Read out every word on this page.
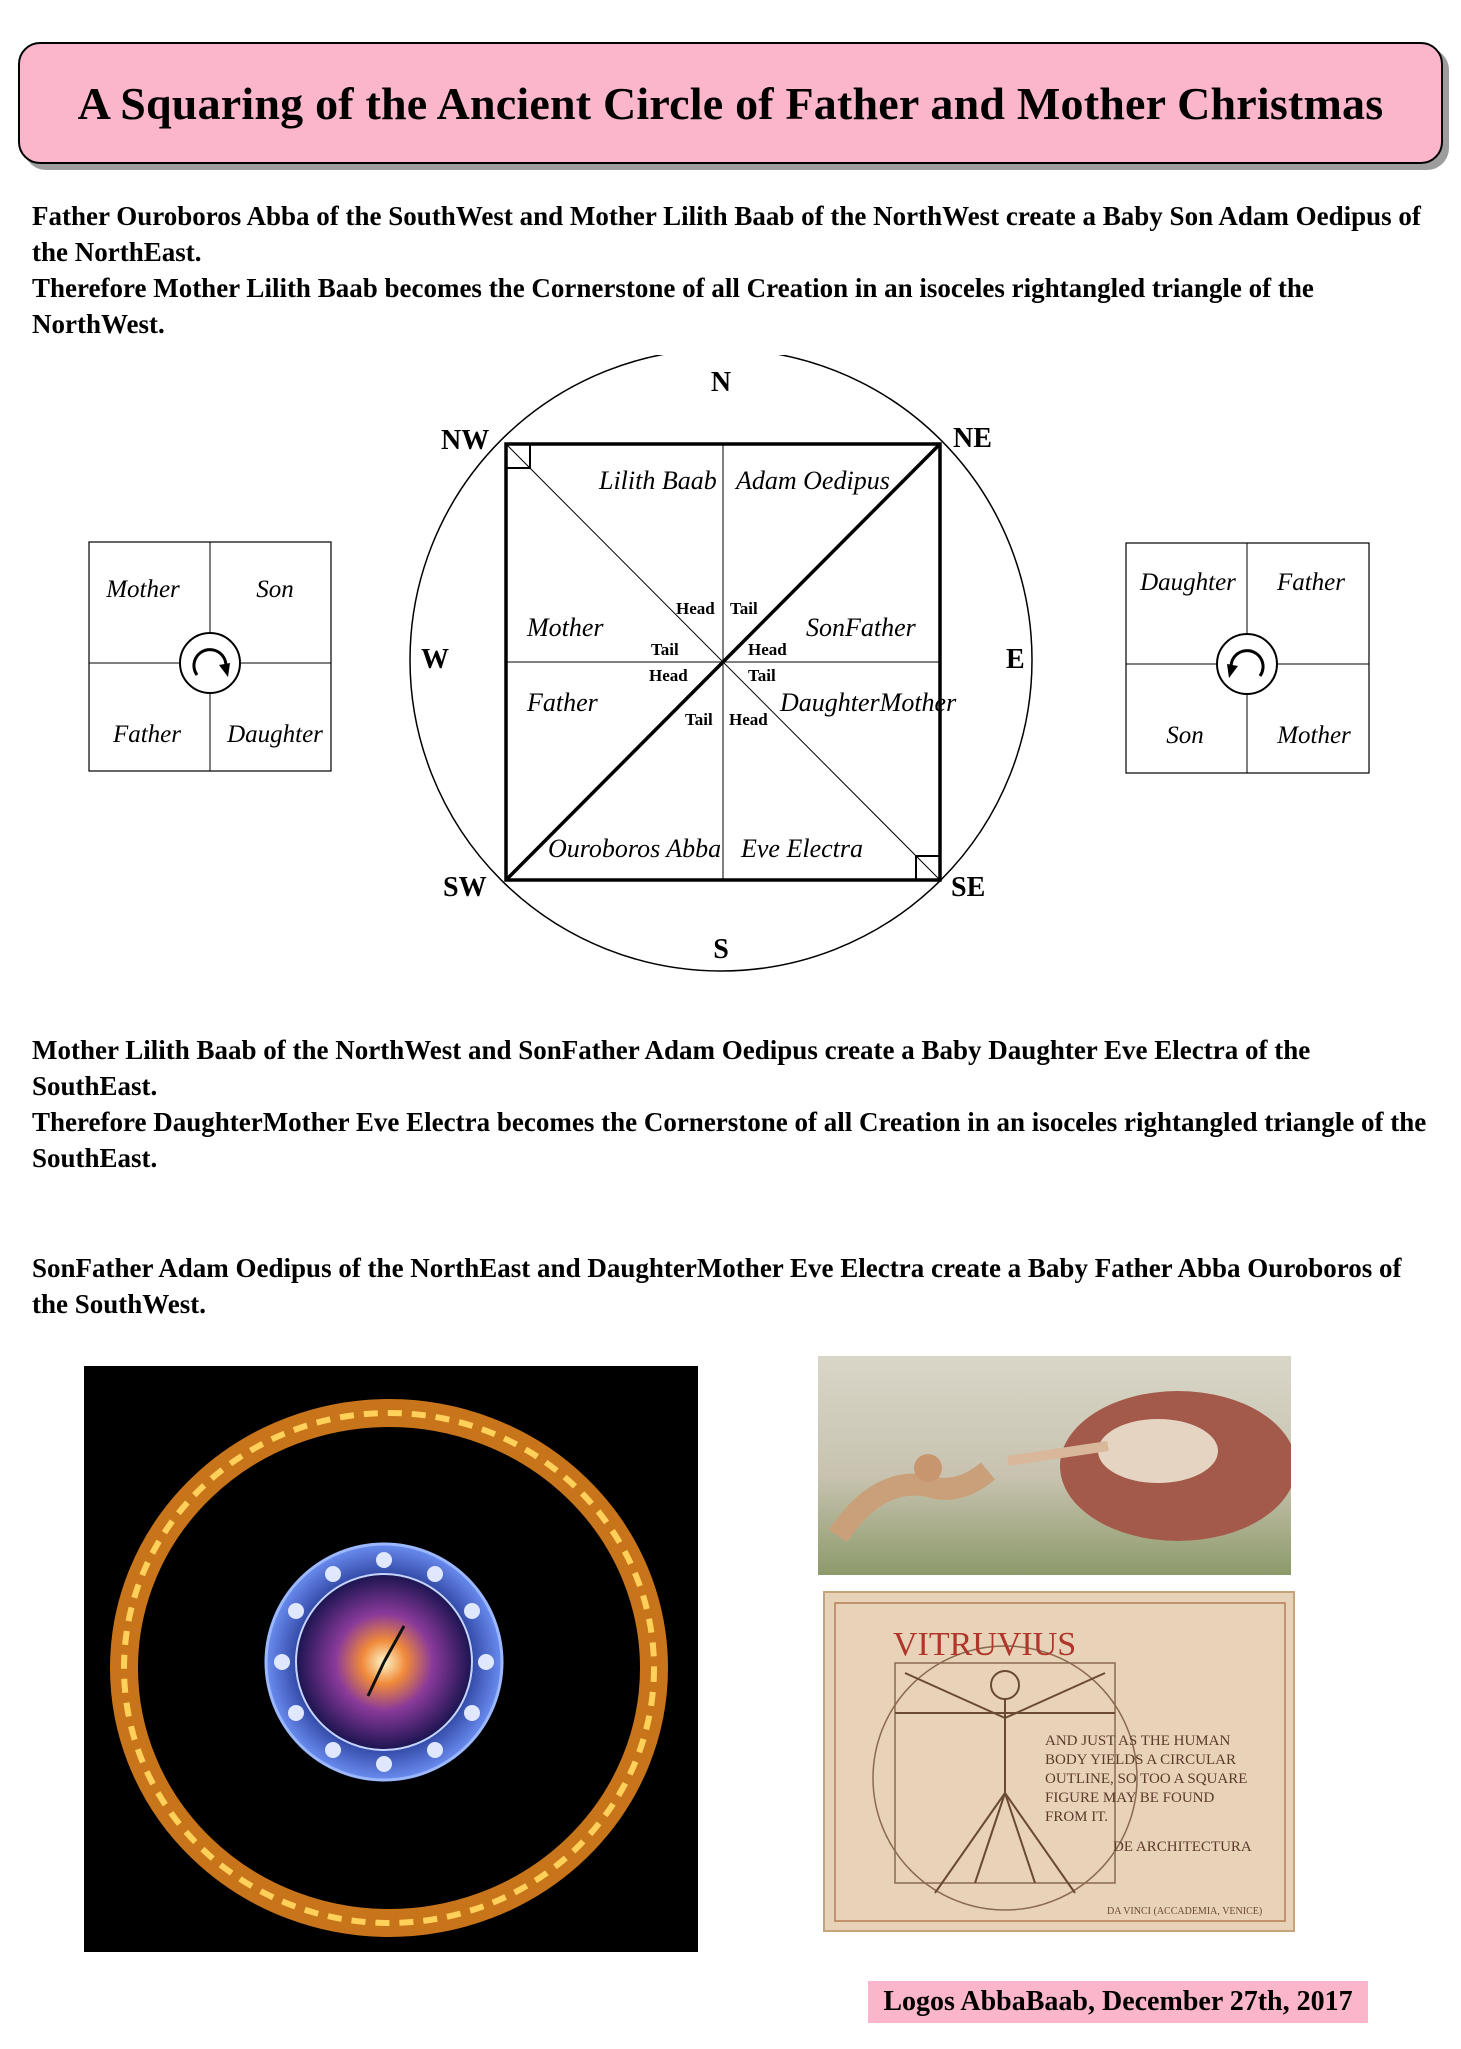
A Squaring of the Ancient Circle of Father and Mother Christmas

Father Ouroboros Abba of the SouthWest and Mother Lilith Baab of the NorthWest create a Baby Son Adam Oedipus of the NorthEast.

Therefore Mother Lilith Baab becomes the Cornerstone of all Creation in an isoceles rightangled triangle of the NorthWest.

N
NE
E
SE
S
SW
W
NW
Lilith Baab Adam Oedipus
Mother	SonFather
Father	DaughterMother
Ouroboros Abba Eve Electra
Head Tail
Tail	Head
Head	Tail
Tail Head
Mother	Son
Father Daughter
Daughter Father
Son	Mother

Mother Lilith Baab of the NorthWest and SonFather Adam Oedipus create a Baby Daughter Eve Electra of the SouthEast.

Therefore DaughterMother Eve Electra becomes the Cornerstone of all Creation in an isoceles rightangled triangle of the SouthEast.

SonFather Adam Oedipus of the NorthEast and DaughterMother Eve Electra create a Baby Father Abba Ouroboros of the SouthWest.

VITRUVIUS
AND JUST AS THE HUMAN
BODY YIELDS A CIRCULAR
OUTLINE, SO TOO A SQUARE
FIGURE MAY BE FOUND
FROM IT.
DE ARCHITECTURA
DA VINCI (ACCADEMIA, VENICE)
Logos AbbaBaab, December 27th, 2017
